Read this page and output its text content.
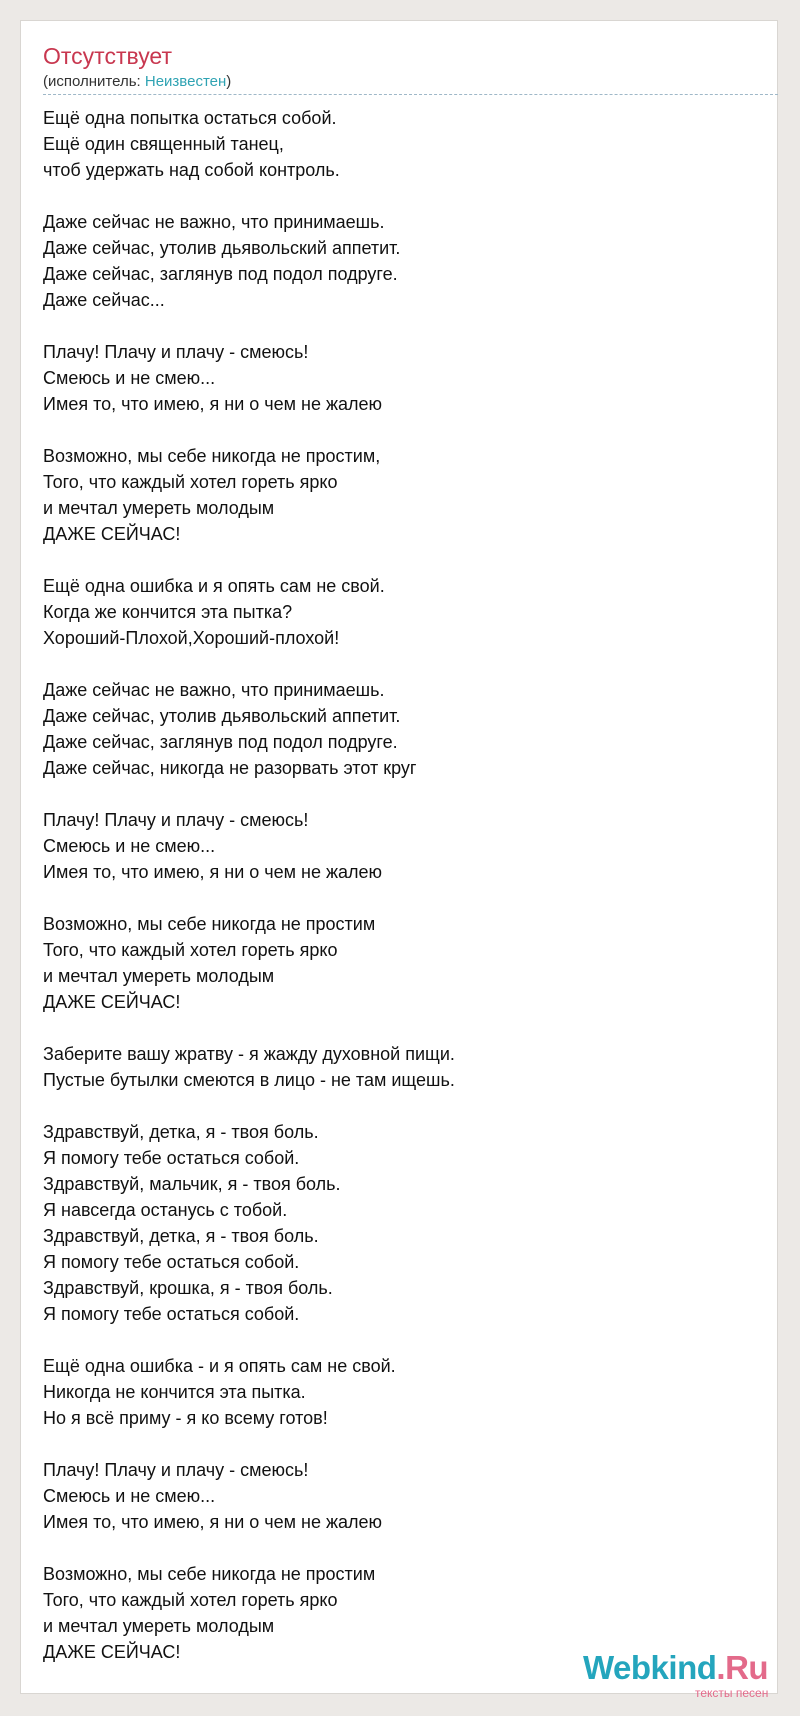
Отсутствует
(исполнитель: Неизвестен)
Ещё одна попытка остаться собой.
Ещё один священный танец,
чтоб удержать над собой контроль.
Даже сейчас не важно, что принимаешь.
Даже сейчас, утолив дьявольский аппетит.
Даже сейчас, заглянув под подол подруге.
Даже сейчас...
Плачу! Плачу и плачу - смеюсь!
Смеюсь и не смею...
Имея то, что имею, я ни о чем не жалею
Возможно, мы себе никогда не простим,
Того, что каждый хотел гореть ярко
и мечтал умереть молодым
ДАЖЕ СЕЙЧАС!
Ещё одна ошибка и я опять сам не свой.
Когда же кончится эта пытка?
Хороший-Плохой,Хороший-плохой!
Даже сейчас не важно, что принимаешь.
Даже сейчас, утолив дьявольский аппетит.
Даже сейчас, заглянув под подол подруге.
Даже сейчас, никогда не разорвать этот круг
Плачу! Плачу и плачу - смеюсь!
Смеюсь и не смею...
Имея то, что имею, я ни о чем не жалею
Возможно, мы себе никогда не простим
Того, что каждый хотел гореть ярко
и мечтал умереть молодым
ДАЖЕ СЕЙЧАС!
Заберите вашу жратву - я жажду духовной пищи.
Пустые бутылки смеются в лицо - не там ищешь.
Здравствуй, детка, я - твоя боль.
Я помогу тебе остаться собой.
Здравствуй, мальчик, я - твоя боль.
Я навсегда останусь с тобой.
Здравствуй, детка, я - твоя боль.
Я помогу тебе остаться собой.
Здравствуй, крошка, я - твоя боль.
Я помогу тебе остаться собой.
Ещё одна ошибка - и я опять сам не свой.
Никогда не кончится эта пытка.
Но я всё приму - я ко всему готов!
Плачу! Плачу и плачу - смеюсь!
Смеюсь и не смею...
Имея то, что имею, я ни о чем не жалею
Возможно, мы себе никогда не простим
Того, что каждый хотел гореть ярко
и мечтал умереть молодым
ДАЖЕ СЕЙЧАС!	Webkind.Ru
тексты песен
